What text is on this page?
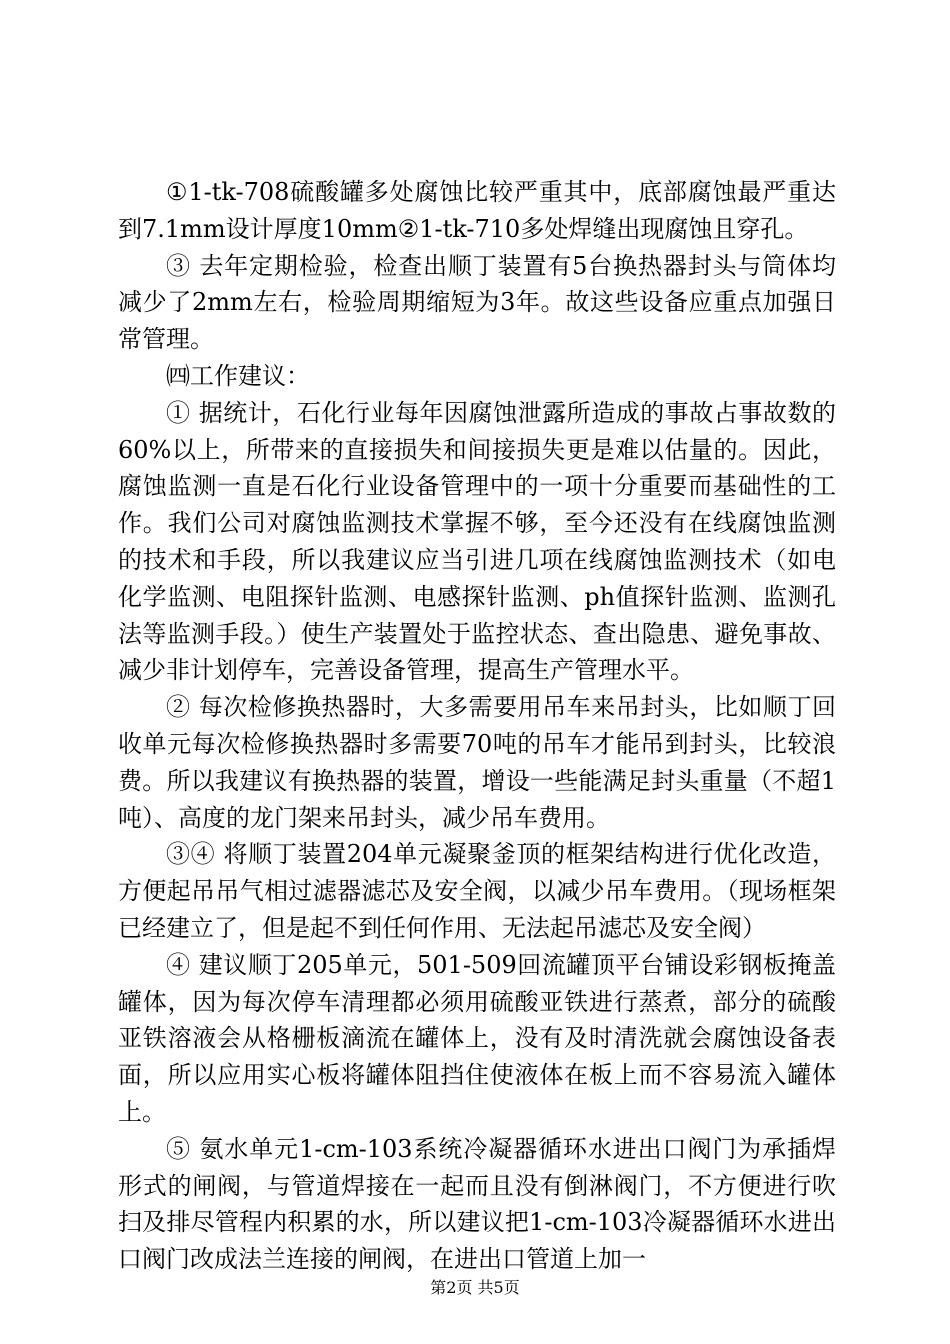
①1-tk-708硫酸罐多处腐蚀比较严重其中，底部腐蚀最严重达到7.1mm设计厚度10mm②1-tk-710多处焊缝出现腐蚀且穿孔。

③ 去年定期检验，检查出顺丁装置有5台换热器封头与筒体均减少了2mm左右，检验周期缩短为3年。故这些设备应重点加强日常管理。

㈣工作建议：

① 据统计，石化行业每年因腐蚀泄露所造成的事故占事故数的60%以上，所带来的直接损失和间接损失更是难以估量的。因此，腐蚀监测一直是石化行业设备管理中的一项十分重要而基础性的工作。我们公司对腐蚀监测技术掌握不够，至今还没有在线腐蚀监测的技术和手段，所以我建议应当引进几项在线腐蚀监测技术（如电化学监测、电阻探针监测、电感探针监测、ph值探针监测、监测孔法等监测手段。）使生产装置处于监控状态、查出隐患、避免事故、减少非计划停车，完善设备管理，提高生产管理水平。

② 每次检修换热器时，大多需要用吊车来吊封头，比如顺丁回收单元每次检修换热器时多需要70吨的吊车才能吊到封头，比较浪费。所以我建议有换热器的装置，增设一些能满足封头重量（不超1吨）、高度的龙门架来吊封头，减少吊车费用。

③④ 将顺丁装置204单元凝聚釜顶的框架结构进行优化改造，方便起吊吊气相过滤器滤芯及安全阀，以减少吊车费用。（现场框架已经建立了，但是起不到任何作用、无法起吊滤芯及安全阀）

④ 建议顺丁205单元，501-509回流罐顶平台铺设彩钢板掩盖罐体，因为每次停车清理都必须用硫酸亚铁进行蒸煮，部分的硫酸亚铁溶液会从格栅板滴流在罐体上，没有及时清洗就会腐蚀设备表面，所以应用实心板将罐体阻挡住使液体在板上而不容易流入罐体上。

⑤ 氨水单元1-cm-103系统冷凝器循环水进出口阀门为承插焊形式的闸阀，与管道焊接在一起而且没有倒淋阀门，不方便进行吹扫及排尽管程内积累的水，所以建议把1-cm-103冷凝器循环水进出口阀门改成法兰连接的闸阀，在进出口管道上加一

第2页 共5页
